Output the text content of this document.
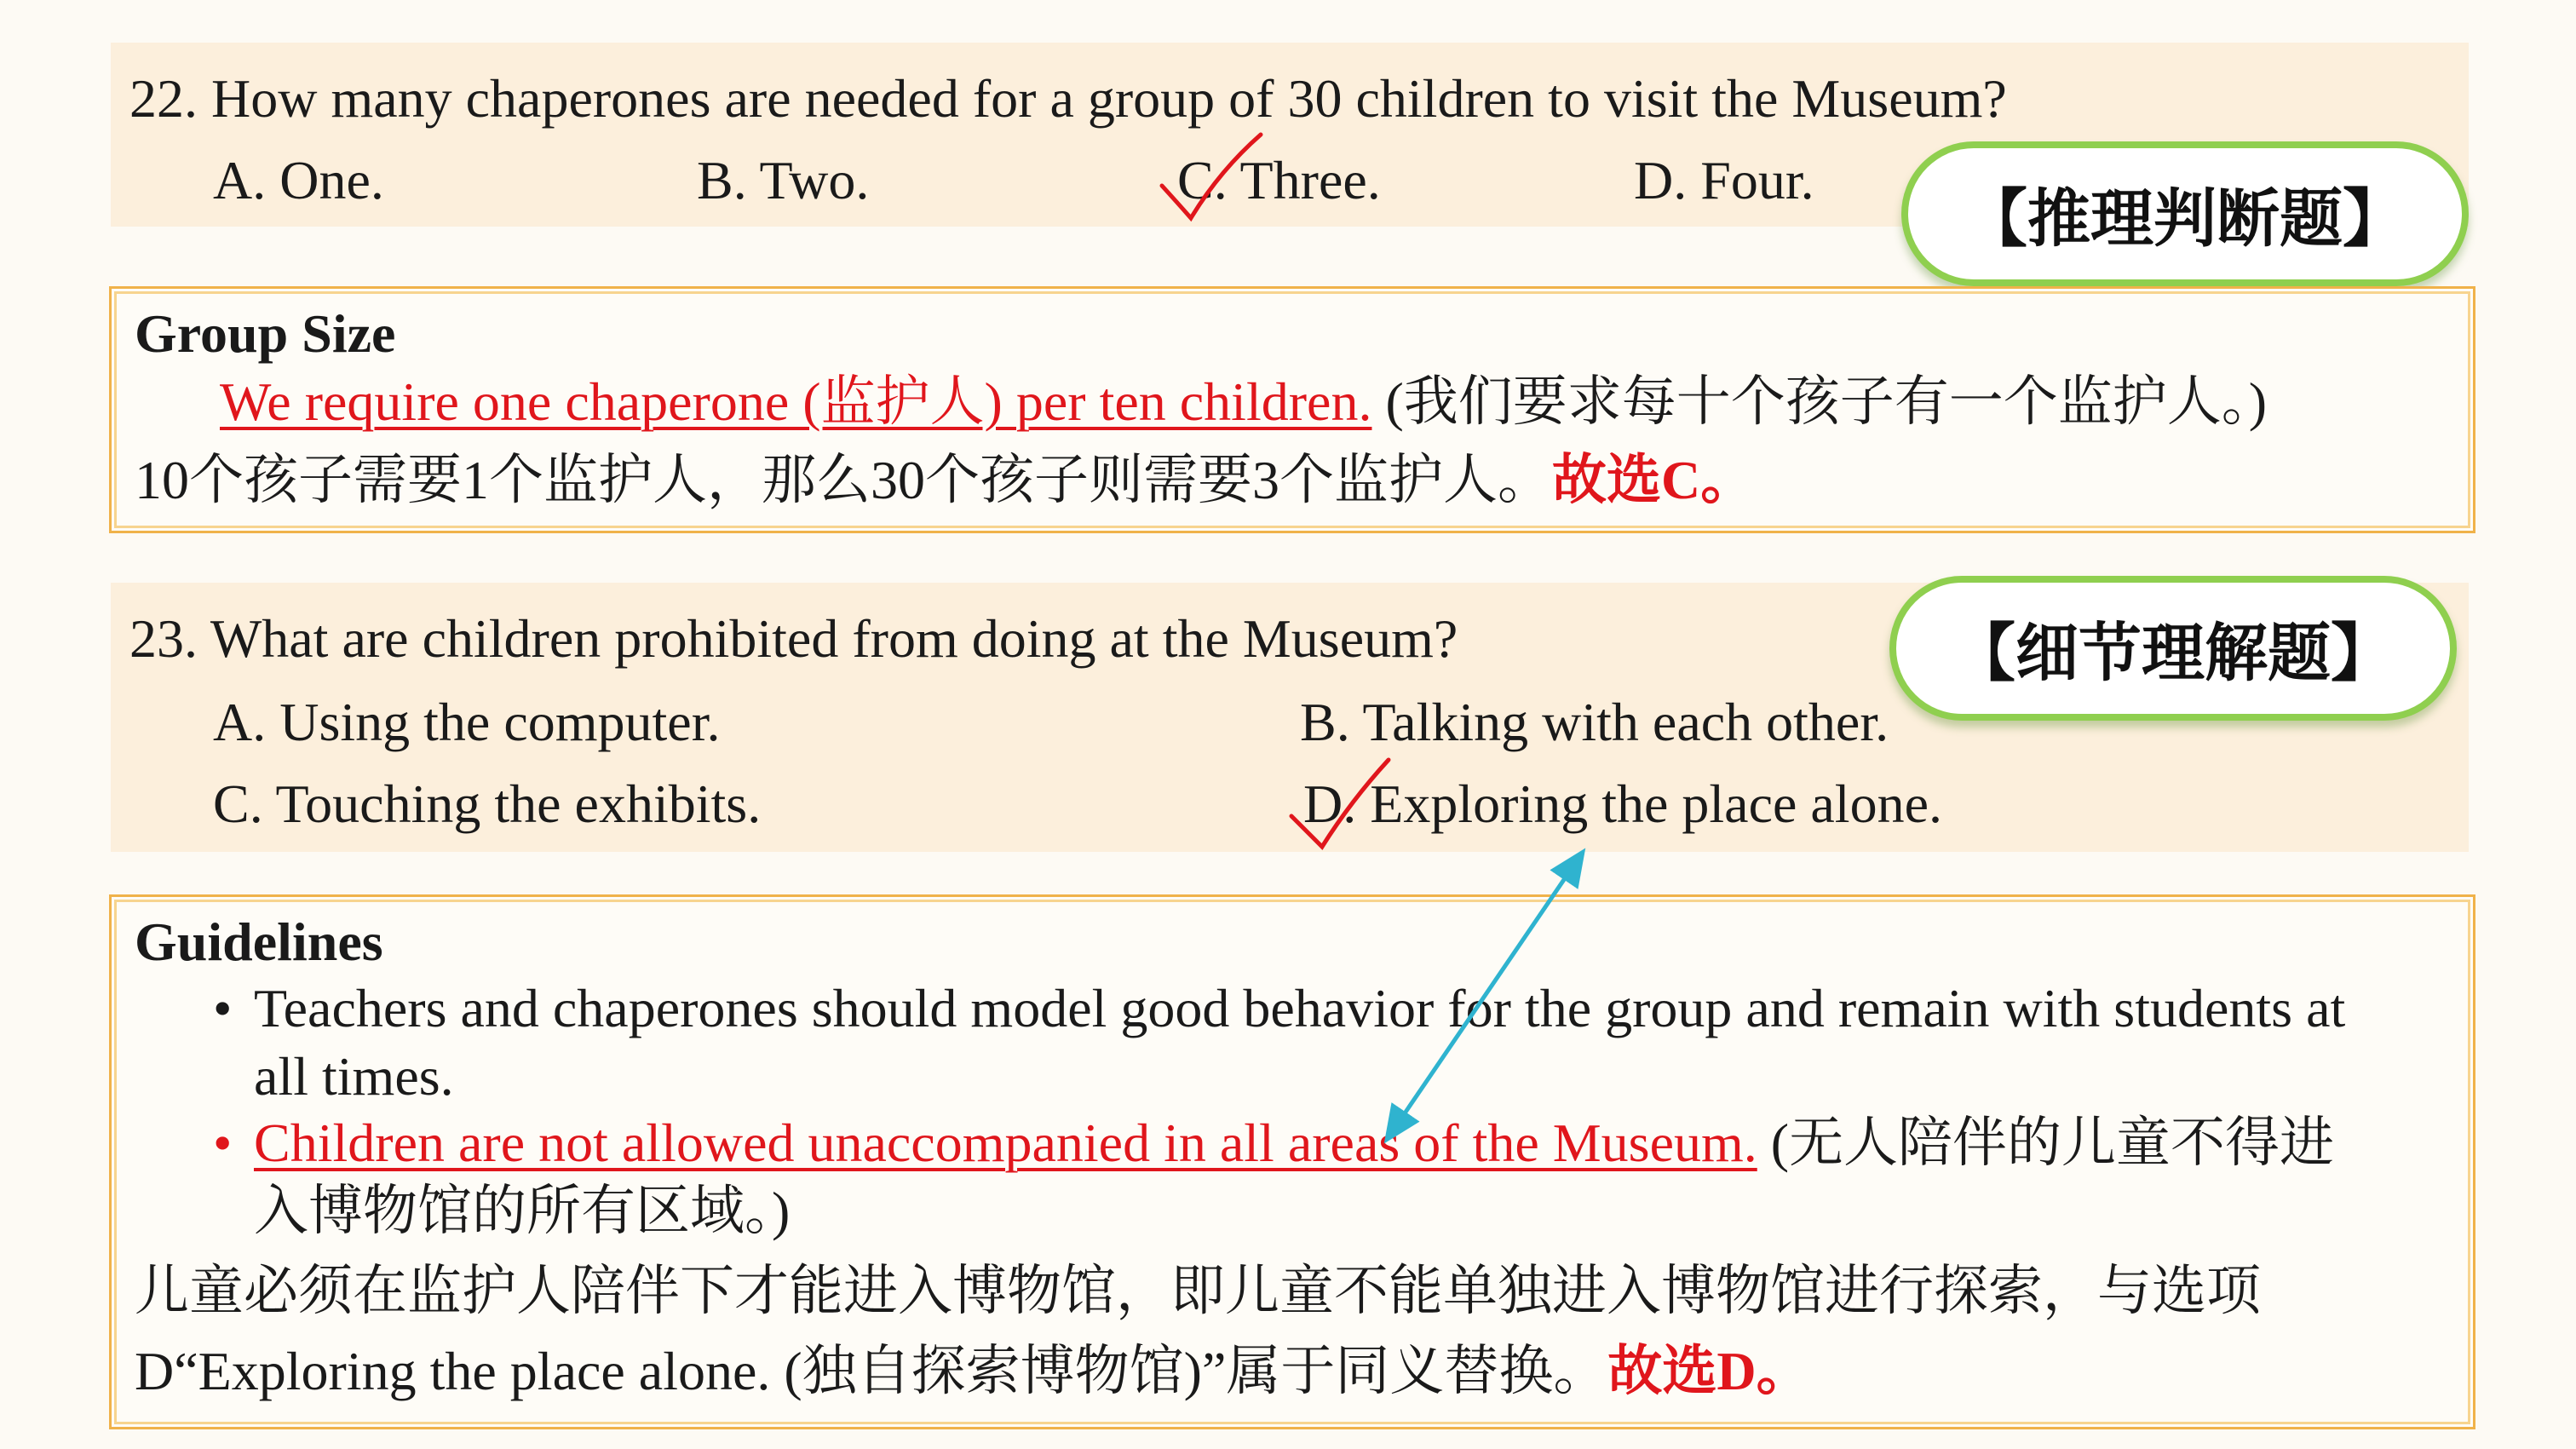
22. How many chaperones are needed for a group of 30 children to visit the Museum?
A. One.	B. Two.	C. Three.	D. Four.
【推理判断题】
Group Size
We require one chaperone (监护人) per ten children. (我们要求每十个孩子有一个监护人。)
10个孩子需要1个监护人，那么30个孩子则需要3个监护人。故选C。
23. What are children prohibited from doing at the Museum?
A. Using the computer.	B. Talking with each other.
C. Touching the exhibits.	D. Exploring the place alone.
【细节理解题】
Guidelines
• Teachers and chaperones should model good behavior for the group and remain with students at
all times.
• Children are not allowed unaccompanied in all areas of the Museum. (无人陪伴的儿童不得进
入博物馆的所有区域。)
儿童必须在监护人陪伴下才能进入博物馆，即儿童不能单独进入博物馆进行探索，与选项
D“Exploring the place alone. (独自探索博物馆)”属于同义替换。故选D。
